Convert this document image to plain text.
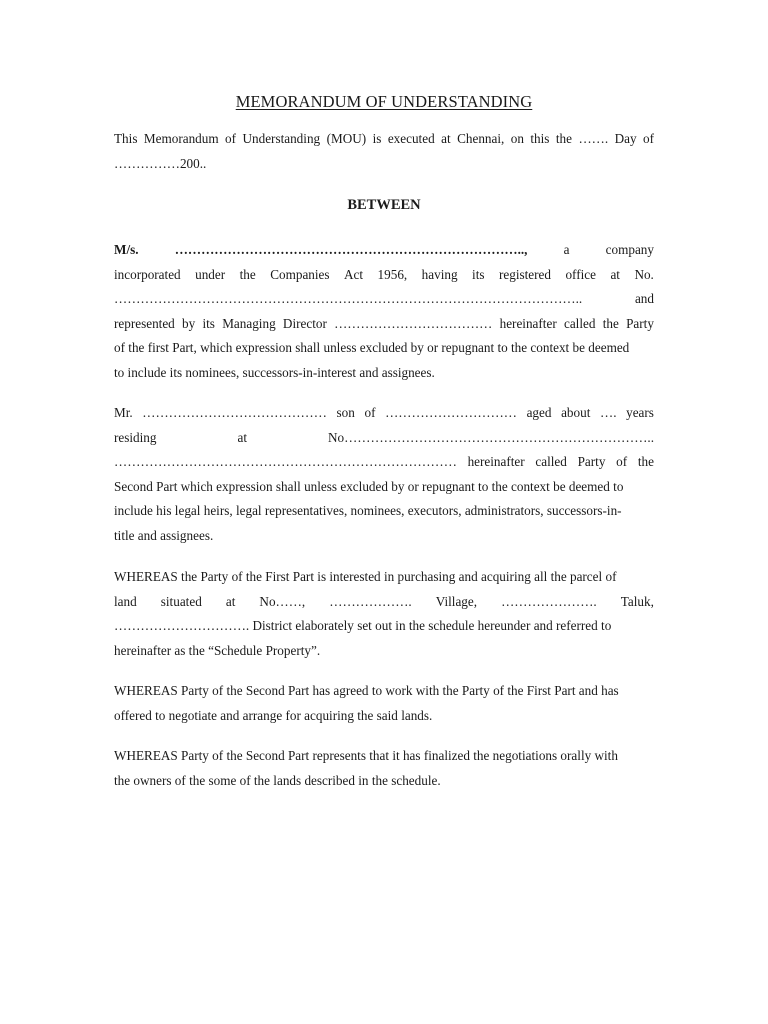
MEMORANDUM OF UNDERSTANDING
This Memorandum of Understanding (MOU) is executed at Chennai, on this the ……. Day of
……………200..
BETWEEN
M/s.	……………………………………………………………………..,	a	company
incorporated under the Companies Act 1956, having its registered office at No.
……………………………………………………………………………………………..	and
represented by its Managing Director ……………………………… hereinafter called the Party
of the first Part, which expression shall unless excluded by or repugnant to the context be deemed
to include its nominees, successors-in-interest and assignees.
Mr. …………………………………… son of ………………………… aged about …. years
residing	at	No……………………………………………………………..
…………………………………………………………………… hereinafter called Party of the
Second Part which expression shall unless excluded by or repugnant to the context be deemed to
include his legal heirs, legal representatives, nominees, executors, administrators, successors-in-
title and assignees.
WHEREAS the Party of the First Part is interested in purchasing and acquiring all the parcel of
land situated at No……, ………………. Village, …………………. Taluk,
…………………………. District elaborately set out in the schedule hereunder and referred to
hereinafter as the “Schedule Property”.
WHEREAS Party of the Second Part has agreed to work with the Party of the First Part and has
offered to negotiate and arrange for acquiring the said lands.
WHEREAS Party of the Second Part represents that it has finalized the negotiations orally with
the owners of the some of the lands described in the schedule.
